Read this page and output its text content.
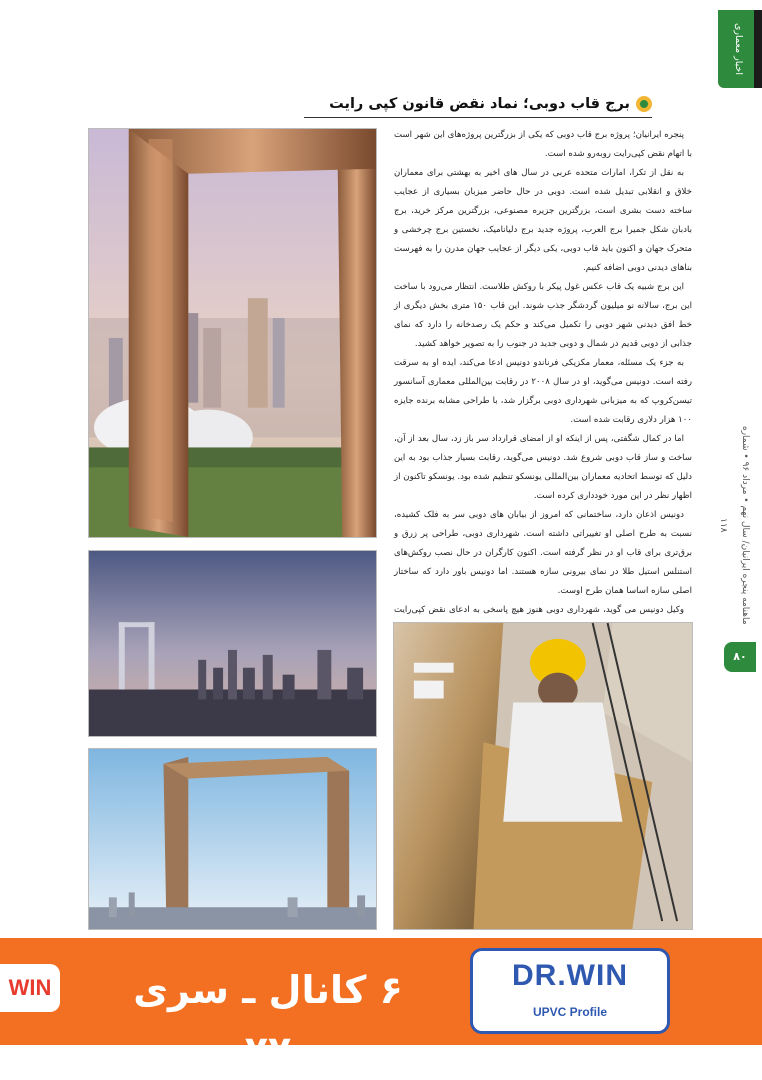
اخبار معماری
ماهنامه پنجره ایرانیان/ سال نهم • مرداد ۹۶ • شماره ۱۱۸
۸۰
برج قاب دوبی؛ نماد نقض قانون کپی رایت

پنجره ایرانیان؛ پروژه برج قاب دوبی که یکی از بزرگترین پروژه‌های این شهر است با اتهام نقض کپی‌رایت روبه‌رو شده است.

به نقل از تکرا، امارات متحده عربی در سال های اخیر به بهشتی برای معماران خلاق و انقلابی تبدیل شده است. دوبی در حال حاضر میزبان بسیاری از عجایب ساخته دست بشری است، بزرگترین جزیره مصنوعی، بزرگترین مرکز خرید، برج بادبان شکل جمیرا برج العرب، پروژه جدید برج دلیانامیک، نخستین برج چرخشی و متحرک جهان و اکنون باید قاب دوبی، یکی دیگر از عجایب جهان مدرن را به فهرست بناهای دیدنی دوبی اضافه کنیم.

این برج شبیه یک قاب عکس غول پیکر با روکش طلاست. انتظار می‌رود با ساخت این برج، سالانه نو میلیون گردشگر جذب شوند. این قاب ۱۵۰ متری بخش دیگری از خط افق دیدنی شهر دوبی را تکمیل می‌کند و حکم یک رصدخانه را دارد که نمای جذابی از دوبی قدیم در شمال و دوبی جدید در جنوب را به تصویر خواهد کشید.

به جزء یک مسئله، معمار مکزیکی فرناندو دونیس ادعا می‌کند، ایده او به سرقت رفته است. دونیس می‌گوید، او در سال ۲۰۰۸ در رقابت بین‌المللی معماری آسانسور تیسن‌کروپ که به میزبانی شهرداری دوبی برگزار شد، با طراحی مشابه برنده جایزه ۱۰۰ هزار دلاری رقابت شده است.

اما در کمال شگفتی، پس از اینکه او از امضای قرارداد سر باز زد، سال بعد از آن، ساخت و ساز قاب دوبی شروع شد. دونیس می‌گوید، رقابت بسیار جذاب بود به این دلیل که توسط اتحادیه معماران بین‌المللی یونسکو تنظیم شده بود. یونسکو تاکنون از اظهار نظر در این مورد خودداری کرده است.

دونیس اذعان دارد، ساختمانی که امروز از بیابان های دوبی سر به فلک کشیده، نسبت به طرح اصلی او تغییراتی داشته است. شهرداری دوبی، طراحی پر زرق و برق‌تری برای قاب او در نظر گرفته است. اکنون کارگران در حال نصب روکش‌های استنلس استیل طلا در نمای بیرونی سازه هستند. اما دونیس باور دارد که ساختار اصلی سازه اساسا همان طرح اوست.

وکیل دونیس می گوید، شهرداری دوبی هنوز هیچ پاسخی به ادعای نقض کپی‌رایت

WIN	۶ کانال ـ سری ۷۷
DR.WIN
UPVC Profile
